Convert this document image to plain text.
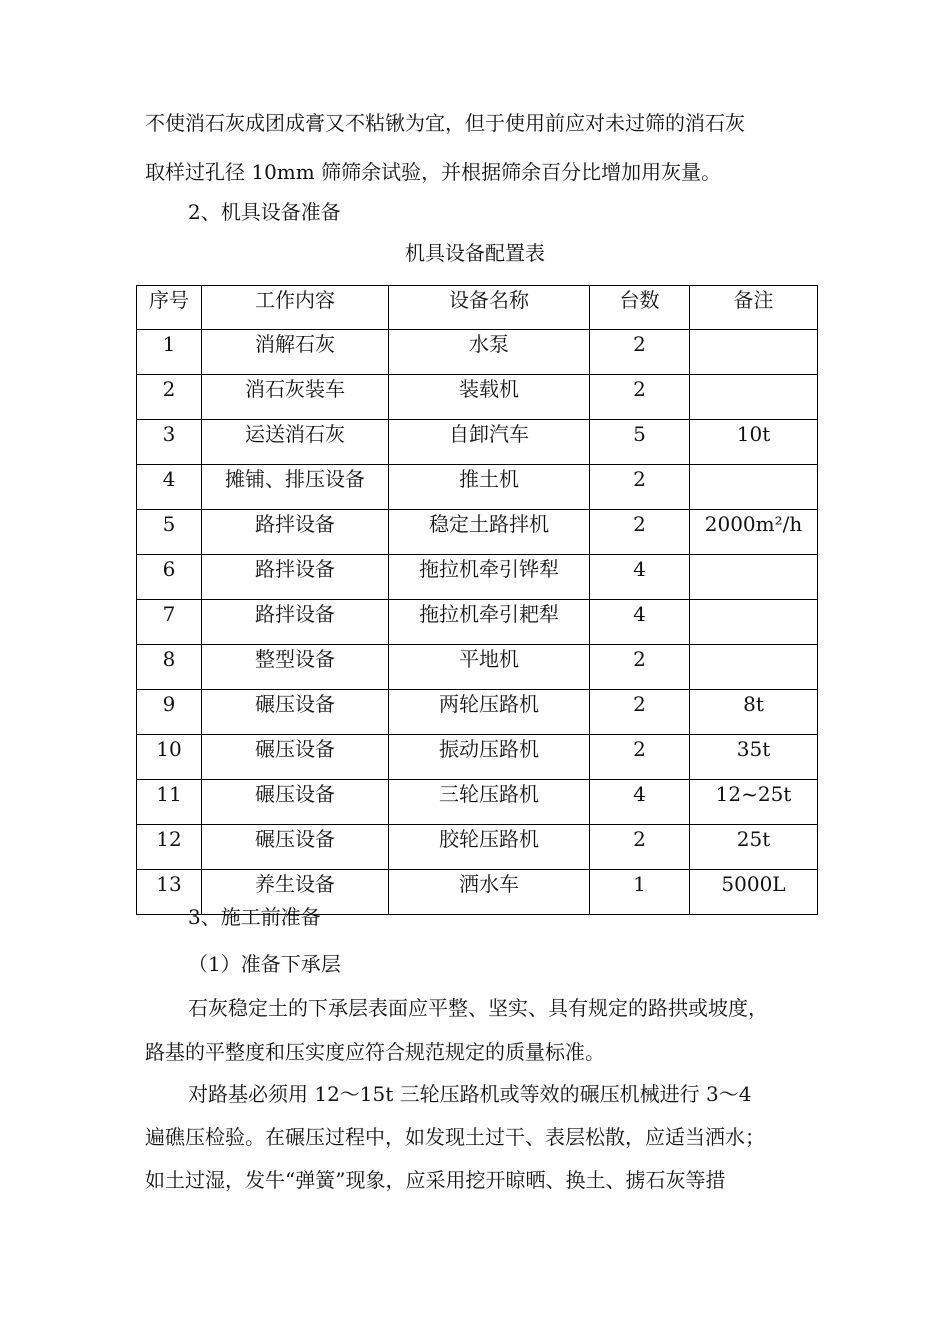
不使消石灰成团成膏又不粘锹为宜，但于使用前应对未过筛的消石灰
取样过孔径 10mm 筛筛余试验，并根据筛余百分比增加用灰量。
2、机具设备准备
机具设备配置表
序号	工作内容	设备名称	台数	备注
1	消解石灰	水泵	2	
2	消石灰装车	装载机	2	
3	运送消石灰	自卸汽车	5	10t
4	摊铺、排压设备	推土机	2	
5	路拌设备	稳定土路拌机	2	2000m²/h
6	路拌设备	拖拉机牵引铧犁	4	
7	路拌设备	拖拉机牵引耙犁	4	
8	整型设备	平地机	2	
9	碾压设备	两轮压路机	2	8t
10	碾压设备	振动压路机	2	35t
11	碾压设备	三轮压路机	4	12~25t
12	碾压设备	胶轮压路机	2	25t
13	养生设备	洒水车	1	5000L
3、施工前准备
（1）准备下承层
石灰稳定土的下承层表面应平整、坚实、具有规定的路拱或坡度，
路基的平整度和压实度应符合规范规定的质量标准。
对路基必须用 12～15t 三轮压路机或等效的碾压机械进行 3～4
遍礁压检验。在碾压过程中，如发现土过干、表层松散，应适当洒水；
如土过湿，发牛“弹簧”现象，应采用挖开晾晒、换土、掳石灰等措
